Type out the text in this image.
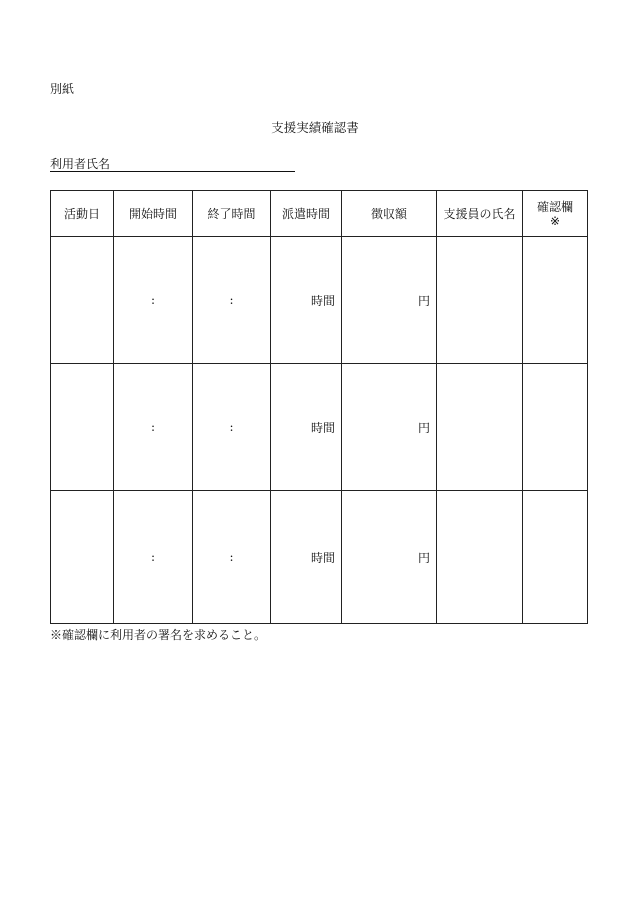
別紙
支援実績確認書
利用者氏名
活動日	開始時間	終了時間	派遣時間	徴収額	支援員の氏名	確認欄
※
	:	:	時間	円		
	:	:	時間	円		
	:	:	時間	円		
※確認欄に利用者の署名を求めること。
